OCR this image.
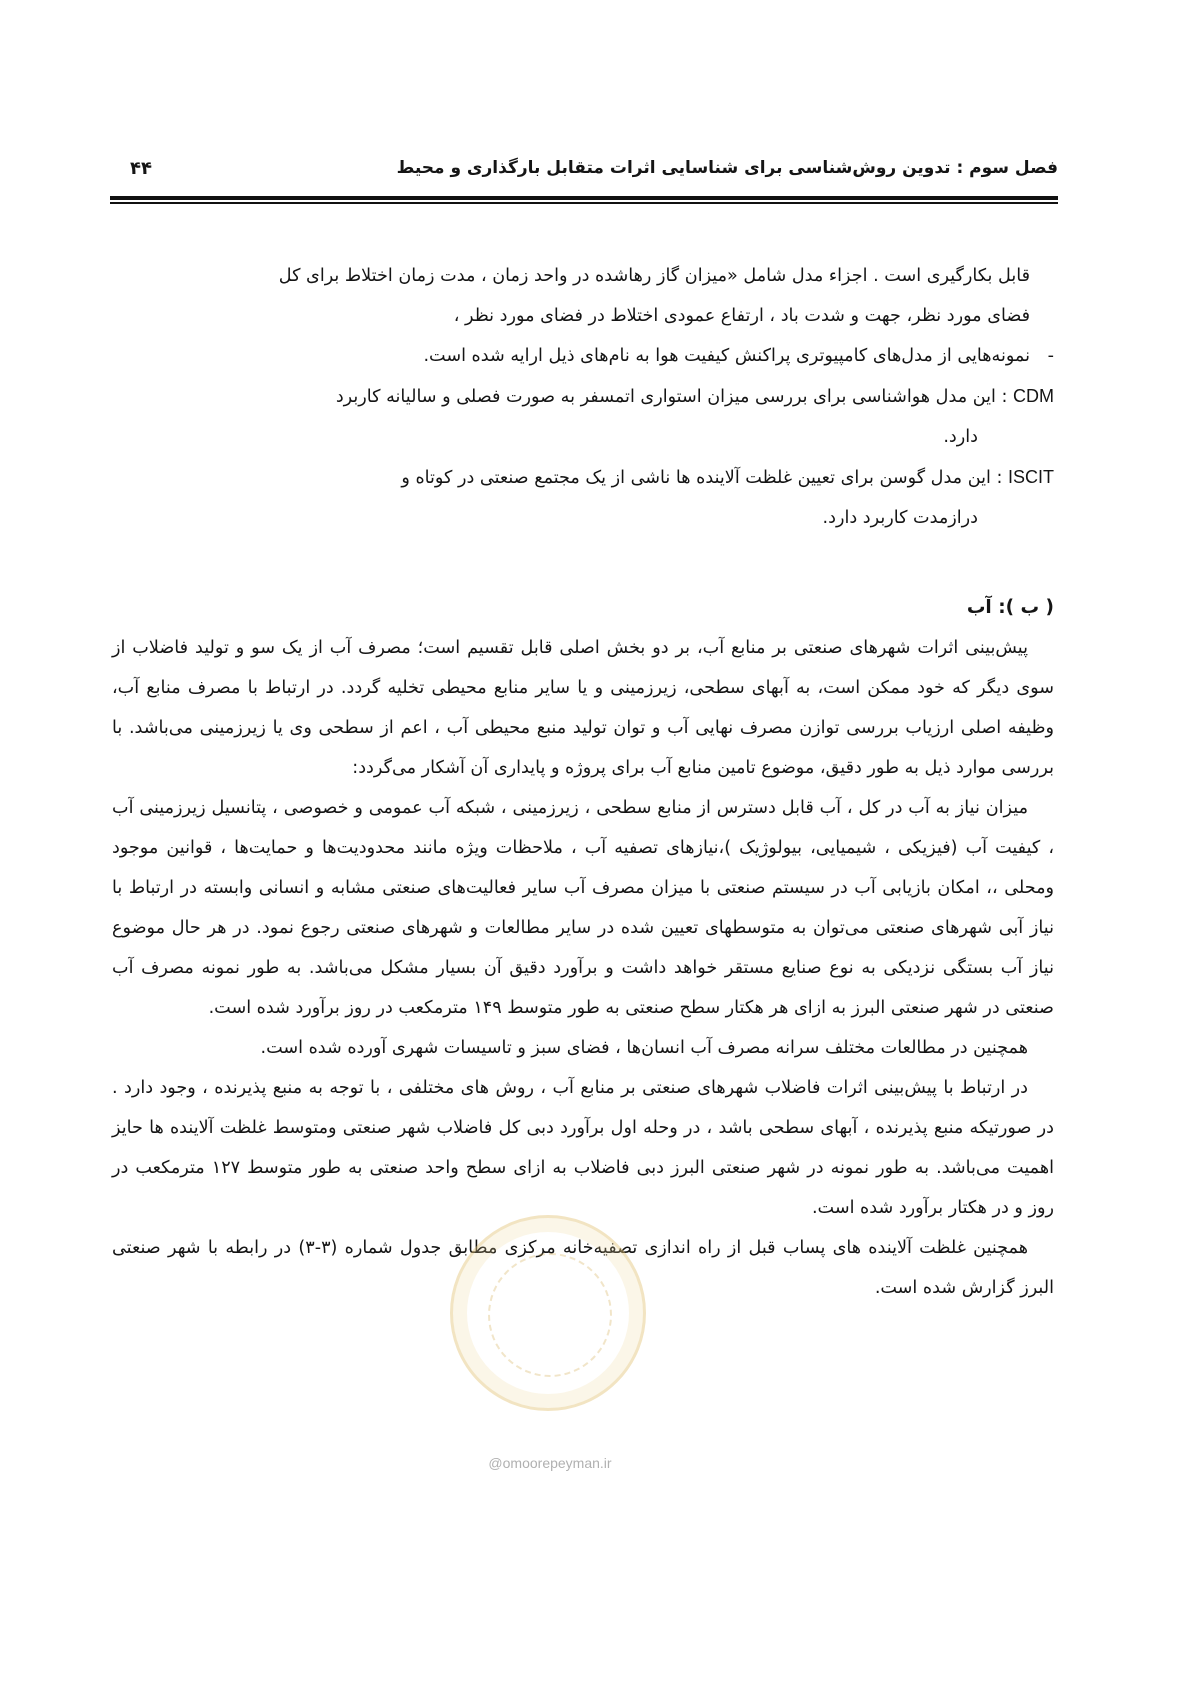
فصل سوم : تدوین روش‌شناسی برای شناسایی اثرات متقابل بارگذاری و محیط
۴۴

قابل بکارگیری است . اجزاء مدل شامل «میزان گاز رهاشده در واحد زمان ، مدت زمان اختلاط برای کل

فضای مورد نظر، جهت و شدت باد ، ارتفاع عمودی اختلاط در فضای مورد نظر ،

-نمونه‌هایی از مدل‌های کامپیوتری پراکنش کیفیت هوا به نام‌های ذیل ارایه شده است.

CDM : این مدل هواشناسی برای بررسی میزان استواری اتمسفر به صورت فصلی و سالیانه کاربرد

دارد.

ISCIT : این مدل گوسن برای تعیین غلظت آلاینده ها ناشی از یک مجتمع صنعتی در کوتاه و

درازمدت کاربرد دارد.

( ب ): آب

پیش‌بینی اثرات شهرهای صنعتی بر منابع آب، بر دو بخش اصلی قابل تقسیم است؛ مصرف آب از یک سو و تولید فاضلاب از سوی دیگر که خود ممکن است، به آبهای سطحی، زیرزمینی و یا سایر منابع محیطی تخلیه گردد. در ارتباط با مصرف منابع آب، وظیفه اصلی ارزیاب بررسی توازن مصرف نهایی آب و توان تولید منبع محیطی آب ، اعم از سطحی وی یا زیرزمینی می‌باشد. با بررسی موارد ذیل به طور دقیق، موضوع تامین منابع آب برای پروژه و پایداری آن آشکار می‌گردد:

میزان نیاز به آب در کل ، آب قابل دسترس از منابع سطحی ، زیرزمینی ، شبکه آب عمومی و خصوصی ، پتانسیل زیرزمینی آب ، کیفیت آب (فیزیکی ، شیمیایی، بیولوژیک )،نیازهای تصفیه آب ، ملاحظات ویژه مانند محدودیت‌ها و حمایت‌ها ، قوانین موجود ومحلی ،، امکان بازیابی آب در سیستم صنعتی با میزان مصرف آب سایر فعالیت‌های صنعتی مشابه و انسانی وابسته در ارتباط با نیاز آبی شهرهای صنعتی می‌توان به متوسطهای تعیین شده در سایر مطالعات و شهرهای صنعتی رجوع نمود. در هر حال موضوع نیاز آب بستگی نزدیکی به نوع صنایع مستقر خواهد داشت و برآورد دقیق آن بسیار مشکل می‌باشد. به طور نمونه مصرف آب صنعتی در شهر صنعتی البرز به ازای هر هکتار سطح صنعتی به طور متوسط ۱۴۹ مترمکعب در روز برآورد شده است.

همچنین در مطالعات مختلف سرانه مصرف آب انسان‌ها ، فضای سبز و تاسیسات شهری آورده شده است.

در ارتباط با پیش‌بینی اثرات فاضلاب شهرهای صنعتی بر منابع آب ، روش های مختلفی ، با توجه به منبع پذیرنده ، وجود دارد . در صورتیکه منبع پذیرنده ، آبهای سطحی باشد ، در وحله اول برآورد دبی کل فاضلاب شهر صنعتی ومتوسط غلظت آلاینده ها حایز اهمیت می‌باشد. به طور نمونه در شهر صنعتی البرز دبی فاضلاب به ازای سطح واحد صنعتی به طور متوسط ۱۲۷ مترمکعب در روز و در هکتار برآورد شده است.

همچنین غلظت آلاینده های پساب قبل از راه اندازی تصفیه‌خانه مرکزی مطابق جدول شماره (۳-۳) در رابطه با شهر صنعتی البرز گزارش شده است.

@omoorepeyman.ir
